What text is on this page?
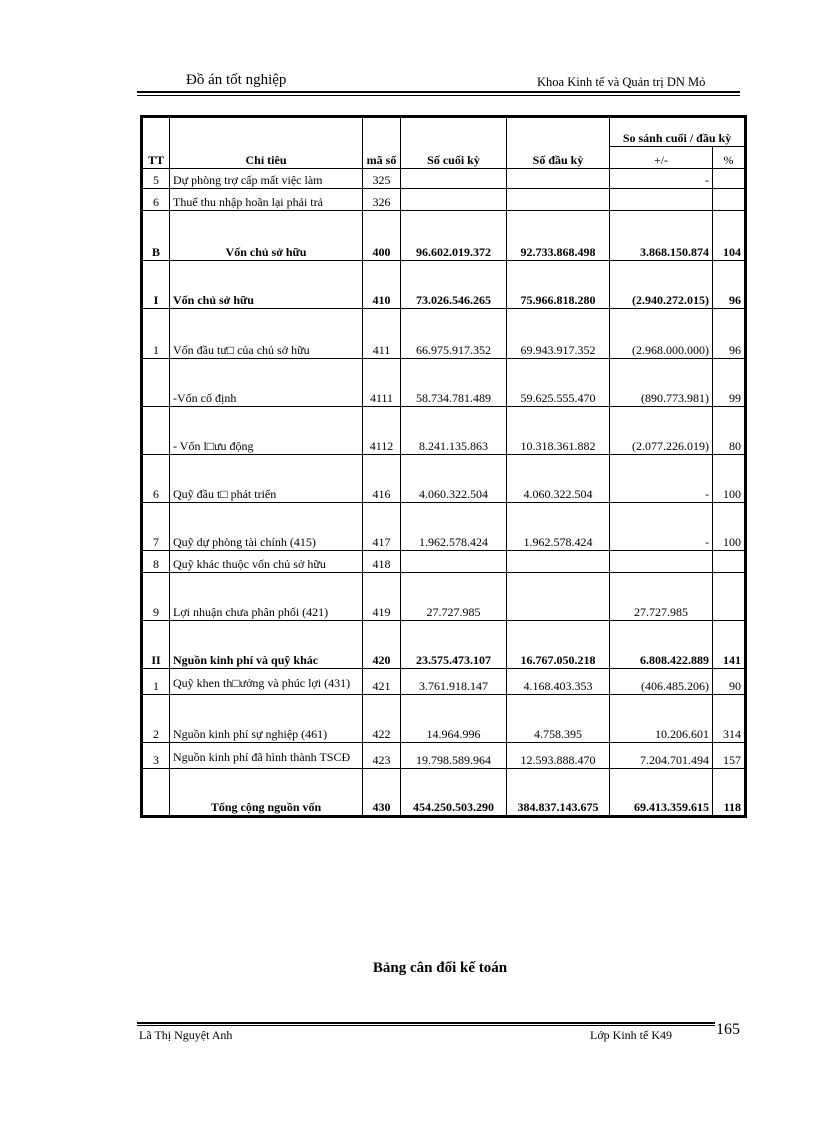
Đồ án tốt nghiệp	Khoa Kinh tế và Quản trị DN Mỏ
TT	Chỉ tiêu	mã số	Số cuối kỳ	Số đầu kỳ	So sánh cuối / đầu kỳ	
					+/-	%
5	Dự phòng trợ cấp mất việc làm	325			-	
6	Thuế thu nhập hoãn lại phải trả	326				
B	Vốn chủ sở hữu	400	96.602.019.372	92.733.868.498	3.868.150.874	104
I	Vốn chủ sở hữu	410	73.026.546.265	75.966.818.280	(2.940.272.015)	96
1	Vốn đầu tư□ của chủ sở hữu	411	66.975.917.352	69.943.917.352	(2.968.000.000)	96
	-Vốn cố định	4111	58.734.781.489	59.625.555.470	(890.773.981)	99
	- Vốn l□ưu động	4112	8.241.135.863	10.318.361.882	(2.077.226.019)	80
6	Quỹ đầu t□ phát triển	416	4.060.322.504	4.060.322.504	-	100
7	Quỹ dự phòng tài chính (415)	417	1.962.578.424	1.962.578.424	-	100
8	Quỹ khác thuộc vốn chủ sở hữu	418				
9	Lợi nhuận chưa phân phối (421)	419	27.727.985		27.727.985	
II	Nguồn kinh phí và quỹ khác	420	23.575.473.107	16.767.050.218	6.808.422.889	141
1	Quỹ khen th□ưởng và phúc lợi (431)	421	3.761.918.147	4.168.403.353	(406.485.206)	90
2	Nguồn kinh phí sự nghiệp (461)	422	14.964.996	4.758.395	10.206.601	314
3	Nguồn kinh phí đã hình thành TSCĐ	423	19.798.589.964	12.593.888.470	7.204.701.494	157
	Tổng cộng nguồn vốn	430	454.250.503.290	384.837.143.675	69.413.359.615	118
Bảng cân đối kế toán
Lã Thị Nguyệt Anh	Lớp Kinh tế K49	165
